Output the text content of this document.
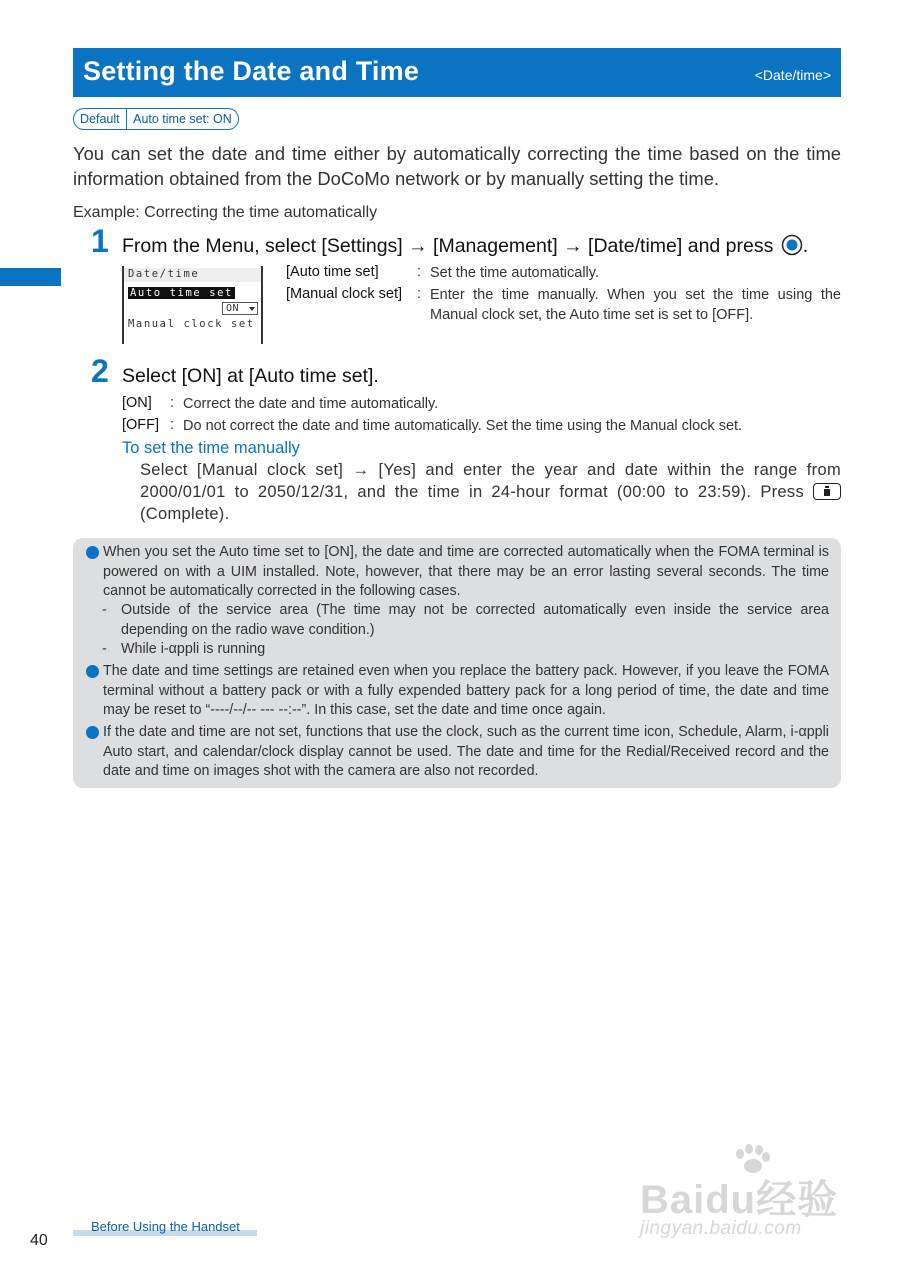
Setting the Date and Time	<Date/time>
Default	Auto time set: ON
You can set the date and time either by automatically correcting the time based on the time information obtained from the DoCoMo network or by manually setting the time.
Example: Correcting the time automatically
1 From the Menu, select [Settings] → [Management] → [Date/time] and press .
Date/time
Auto time set
ON
Manual clock set
[Auto time set]	: Set the time automatically.
[Manual clock set] : Enter the time manually. When you set the time using the Manual clock set, the Auto time set is set to [OFF].
2 Select [ON] at [Auto time set].
[ON] : Correct the date and time automatically.
[OFF] : Do not correct the date and time automatically. Set the time using the Manual clock set.
To set the time manually
Select [Manual clock set] → [Yes] and enter the year and date within the range from 2000/01/01 to 2050/12/31, and the time in 24-hour format (00:00 to 23:59). Press
(Complete).
When you set the Auto time set to [ON], the date and time are corrected automatically when the FOMA terminal is powered on with a UIM installed. Note, however, that there may be an error lasting several seconds. The time cannot be automatically corrected in the following cases.
- Outside of the service area (The time may not be corrected automatically even inside the service area depending on the radio wave condition.)
- While i-αppli is running
The date and time settings are retained even when you replace the battery pack. However, if you leave the FOMA terminal without a battery pack or with a fully expended battery pack for a long period of time, the date and time may be reset to “----/--/-- --- --:--”. In this case, set the date and time once again.
If the date and time are not set, functions that use the clock, such as the current time icon, Schedule, Alarm, i-αppli Auto start, and calendar/clock display cannot be used. The date and time for the Redial/Received record and the date and time on images shot with the camera are also not recorded.
40
Before Using the Handset
Baidu经验
jingyan.baidu.com
